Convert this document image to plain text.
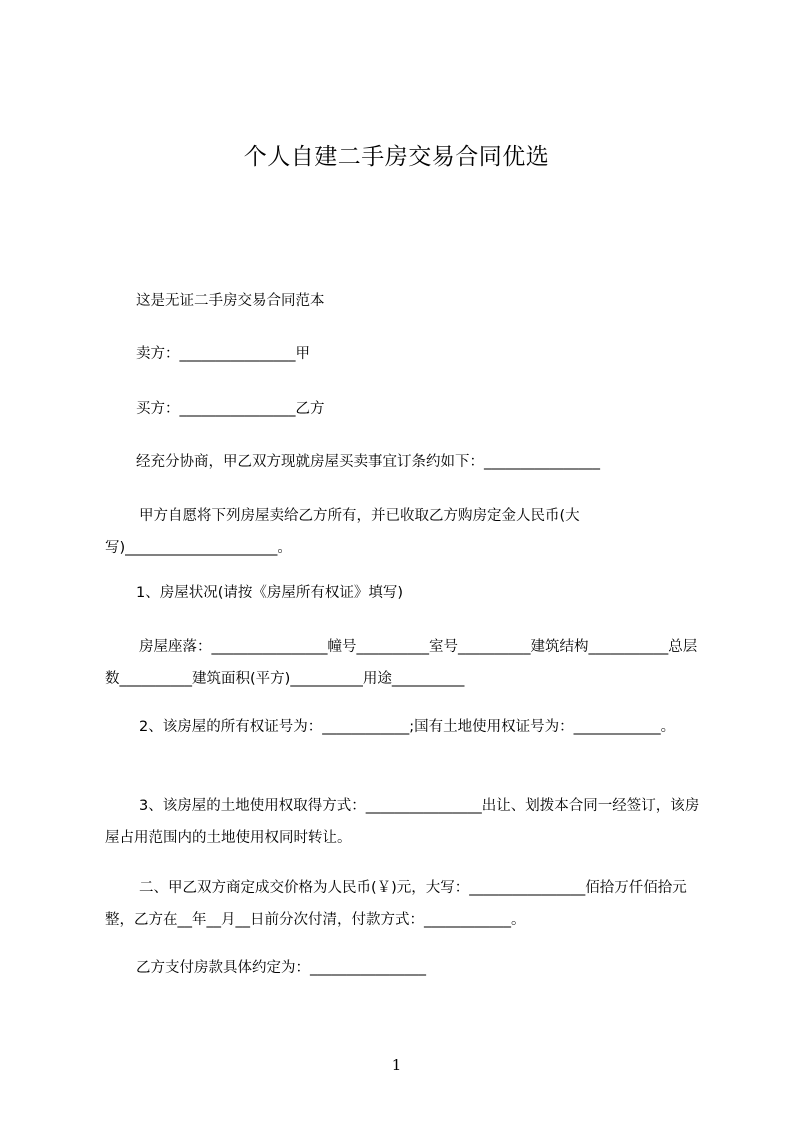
个人自建二手房交易合同优选

这是无证二手房交易合同范本

卖方：________________甲

买方：________________乙方

经充分协商，甲乙双方现就房屋买卖事宜订条约如下：________________

甲方自愿将下列房屋卖给乙方所有，并已收取乙方购房定金人民币(大写)_____________________。

1、房屋状况(请按《房屋所有权证》填写)

房屋座落：________________幢号__________室号__________建筑结构___________总层数__________建筑面积(平方)__________用途__________

2、该房屋的所有权证号为：____________;国有土地使用权证号为：____________。

3、该房屋的土地使用权取得方式：________________出让、划拨本合同一经签订，该房屋占用范围内的土地使用权同时转让。

二、甲乙双方商定成交价格为人民币(￥)元，大写：________________佰拾万仟佰拾元整，乙方在__年__月__日前分次付清，付款方式：____________。

乙方支付房款具体约定为：________________

1
